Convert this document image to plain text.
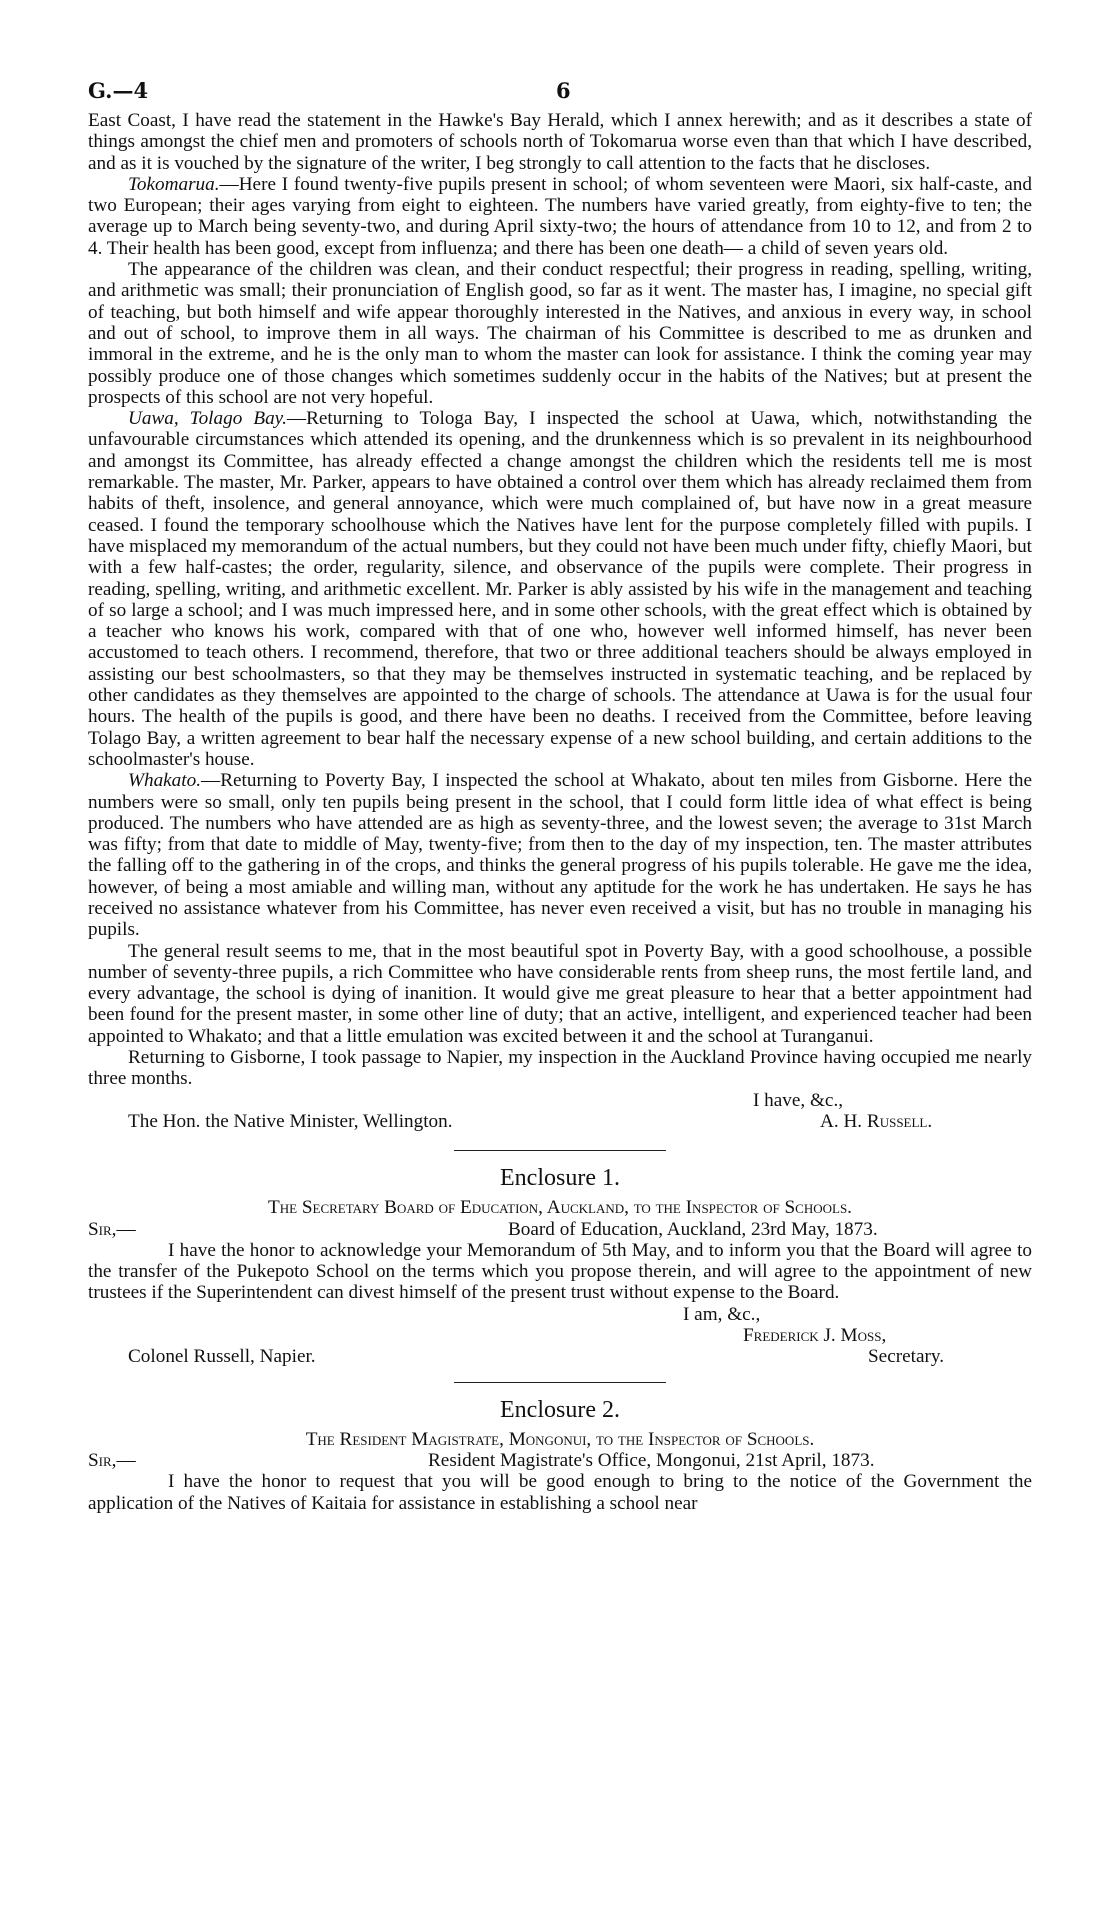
G.—4	6

East Coast, I have read the statement in the Hawke's Bay Herald, which I annex herewith; and as it describes a state of things amongst the chief men and promoters of schools north of Tokomarua worse even than that which I have described, and as it is vouched by the signature of the writer, I beg strongly to call attention to the facts that he discloses.

Tokomarua.—Here I found twenty-five pupils present in school; of whom seventeen were Maori, six half-caste, and two European; their ages varying from eight to eighteen. The numbers have varied greatly, from eighty-five to ten; the average up to March being seventy-two, and during April sixty-two; the hours of attendance from 10 to 12, and from 2 to 4. Their health has been good, except from influenza; and there has been one death— a child of seven years old.

The appearance of the children was clean, and their conduct respectful; their progress in reading, spelling, writing, and arithmetic was small; their pronunciation of English good, so far as it went. The master has, I imagine, no special gift of teaching, but both himself and wife appear thoroughly interested in the Natives, and anxious in every way, in school and out of school, to improve them in all ways. The chairman of his Committee is described to me as drunken and immoral in the extreme, and he is the only man to whom the master can look for assistance. I think the coming year may possibly produce one of those changes which sometimes suddenly occur in the habits of the Natives; but at present the prospects of this school are not very hopeful.

Uawa, Tolago Bay.—Returning to Tologa Bay, I inspected the school at Uawa, which, notwithstanding the unfavourable circumstances which attended its opening, and the drunkenness which is so prevalent in its neighbourhood and amongst its Committee, has already effected a change amongst the children which the residents tell me is most remarkable. The master, Mr. Parker, appears to have obtained a control over them which has already reclaimed them from habits of theft, insolence, and general annoyance, which were much complained of, but have now in a great measure ceased. I found the temporary schoolhouse which the Natives have lent for the purpose completely filled with pupils. I have misplaced my memorandum of the actual numbers, but they could not have been much under fifty, chiefly Maori, but with a few half-castes; the order, regularity, silence, and observance of the pupils were complete. Their progress in reading, spelling, writing, and arithmetic excellent. Mr. Parker is ably assisted by his wife in the management and teaching of so large a school; and I was much impressed here, and in some other schools, with the great effect which is obtained by a teacher who knows his work, compared with that of one who, however well informed himself, has never been accustomed to teach others. I recommend, therefore, that two or three additional teachers should be always employed in assisting our best schoolmasters, so that they may be themselves instructed in systematic teaching, and be replaced by other candidates as they themselves are appointed to the charge of schools. The attendance at Uawa is for the usual four hours. The health of the pupils is good, and there have been no deaths. I received from the Committee, before leaving Tolago Bay, a written agreement to bear half the necessary expense of a new school building, and certain additions to the schoolmaster's house.

Whakato.—Returning to Poverty Bay, I inspected the school at Whakato, about ten miles from Gisborne. Here the numbers were so small, only ten pupils being present in the school, that I could form little idea of what effect is being produced. The numbers who have attended are as high as seventy-three, and the lowest seven; the average to 31st March was fifty; from that date to middle of May, twenty-five; from then to the day of my inspection, ten. The master attributes the falling off to the gathering in of the crops, and thinks the general progress of his pupils tolerable. He gave me the idea, however, of being a most amiable and willing man, without any aptitude for the work he has undertaken. He says he has received no assistance whatever from his Committee, has never even received a visit, but has no trouble in managing his pupils.

The general result seems to me, that in the most beautiful spot in Poverty Bay, with a good schoolhouse, a possible number of seventy-three pupils, a rich Committee who have considerable rents from sheep runs, the most fertile land, and every advantage, the school is dying of inanition. It would give me great pleasure to hear that a better appointment had been found for the present master, in some other line of duty; that an active, intelligent, and experienced teacher had been appointed to Whakato; and that a little emulation was excited between it and the school at Turanganui.

Returning to Gisborne, I took passage to Napier, my inspection in the Auckland Province having occupied me nearly three months.

I have, &c.,
The Hon. the Native Minister, Wellington.	A. H. Russell.
Enclosure 1.
The Secretary Board of Education, Auckland, to the Inspector of Schools.
Sir,—	Board of Education, Auckland, 23rd May, 1873.

I have the honor to acknowledge your Memorandum of 5th May, and to inform you that the Board will agree to the transfer of the Pukepoto School on the terms which you propose therein, and will agree to the appointment of new trustees if the Superintendent can divest himself of the present trust without expense to the Board.

I am, &c.,
Frederick J. Moss,
Colonel Russell, Napier.	Secretary.
Enclosure 2.
The Resident Magistrate, Mongonui, to the Inspector of Schools.
Sir,—	Resident Magistrate's Office, Mongonui, 21st April, 1873.

I have the honor to request that you will be good enough to bring to the notice of the Government the application of the Natives of Kaitaia for assistance in establishing a school near
